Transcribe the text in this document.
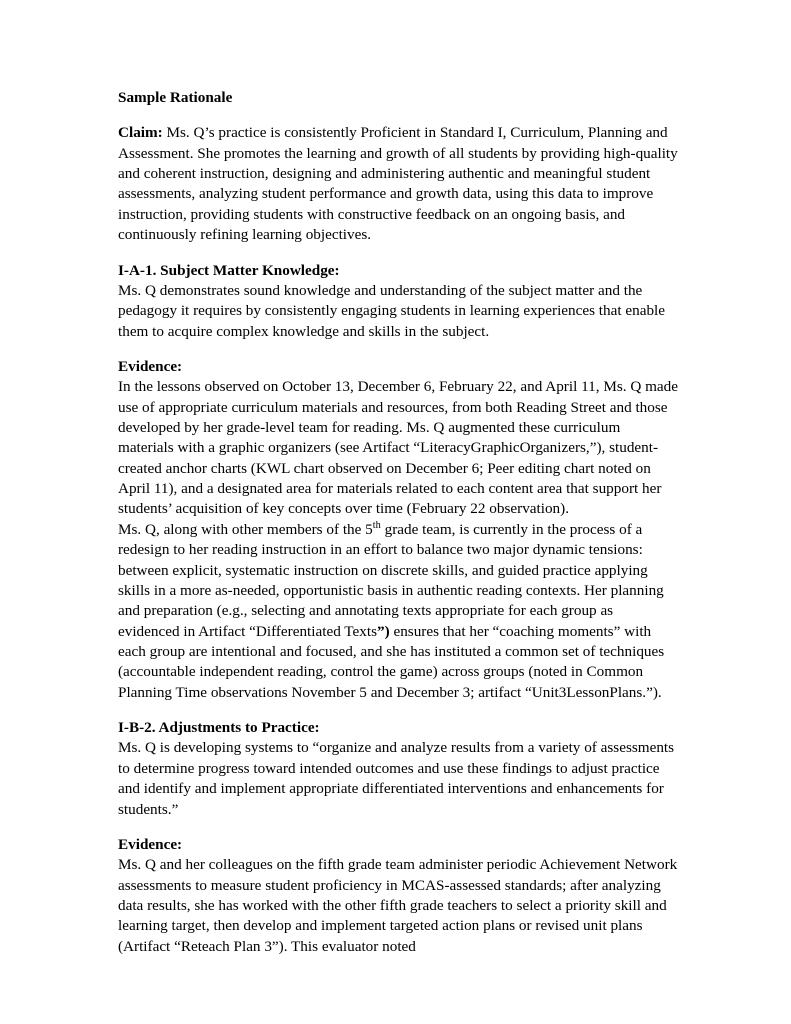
Sample Rationale

Claim: Ms. Q’s practice is consistently Proficient in Standard I, Curriculum, Planning and Assessment. She promotes the learning and growth of all students by providing high-quality and coherent instruction, designing and administering authentic and meaningful student assessments, analyzing student performance and growth data, using this data to improve instruction, providing students with constructive feedback on an ongoing basis, and continuously refining learning objectives.

I-A-1. Subject Matter Knowledge:

Ms. Q demonstrates sound knowledge and understanding of the subject matter and the pedagogy it requires by consistently engaging students in learning experiences that enable them to acquire complex knowledge and skills in the subject.

Evidence:

In the lessons observed on October 13, December 6, February 22, and April 11, Ms. Q made use of appropriate curriculum materials and resources, from both Reading Street and those developed by her grade-level team for reading. Ms. Q augmented these curriculum materials with a graphic organizers (see Artifact “LiteracyGraphicOrganizers,”), student-created anchor charts (KWL chart observed on December 6; Peer editing chart noted on April 11), and a designated area for materials related to each content area that support her students’ acquisition of key concepts over time (February 22 observation).

Ms. Q, along with other members of the 5th grade team, is currently in the process of a redesign to her reading instruction in an effort to balance two major dynamic tensions: between explicit, systematic instruction on discrete skills, and guided practice applying skills in a more as-needed, opportunistic basis in authentic reading contexts. Her planning and preparation (e.g., selecting and annotating texts appropriate for each group as evidenced in Artifact “Differentiated Texts”) ensures that her “coaching moments” with each group are intentional and focused, and she has instituted a common set of techniques (accountable independent reading, control the game) across groups (noted in Common Planning Time observations November 5 and December 3; artifact “Unit3LessonPlans.”).

I-B-2. Adjustments to Practice:

Ms. Q is developing systems to “organize and analyze results from a variety of assessments to determine progress toward intended outcomes and use these findings to adjust practice and identify and implement appropriate differentiated interventions and enhancements for students.”

Evidence:

Ms. Q and her colleagues on the fifth grade team administer periodic Achievement Network assessments to measure student proficiency in MCAS-assessed standards; after analyzing data results, she has worked with the other fifth grade teachers to select a priority skill and learning target, then develop and implement targeted action plans or revised unit plans (Artifact “Reteach Plan 3”). This evaluator noted
